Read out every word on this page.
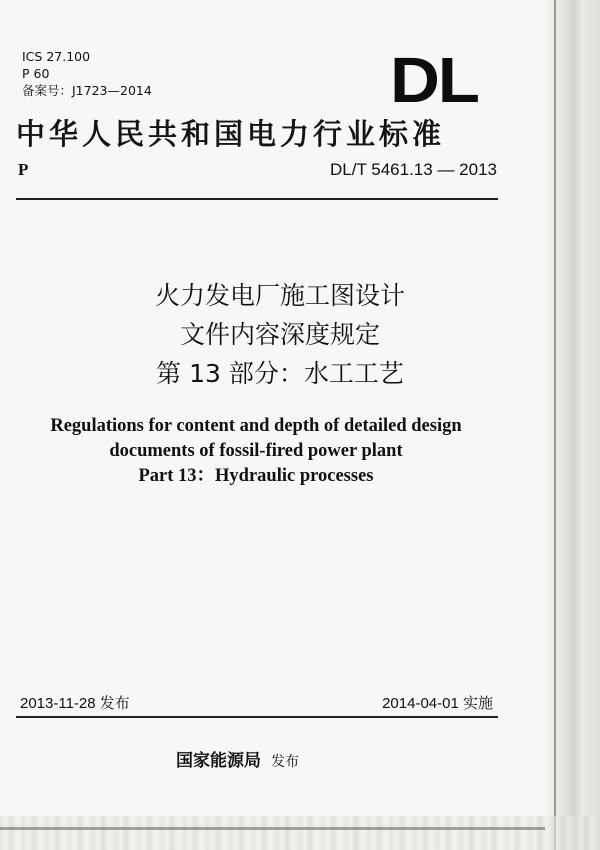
ICS 27.100
P 60
备案号：J1723—2014	DL
中华人民共和国电力行业标准
P	DL/T 5461.13 — 2013
火力发电厂施工图设计
文件内容深度规定
第 13 部分：水工工艺
Regulations for content and depth of detailed design
documents of fossil-fired power plant
Part 13：Hydraulic processes
2013-11-28 发布	2014-04-01 实施
国家能源局 发布
